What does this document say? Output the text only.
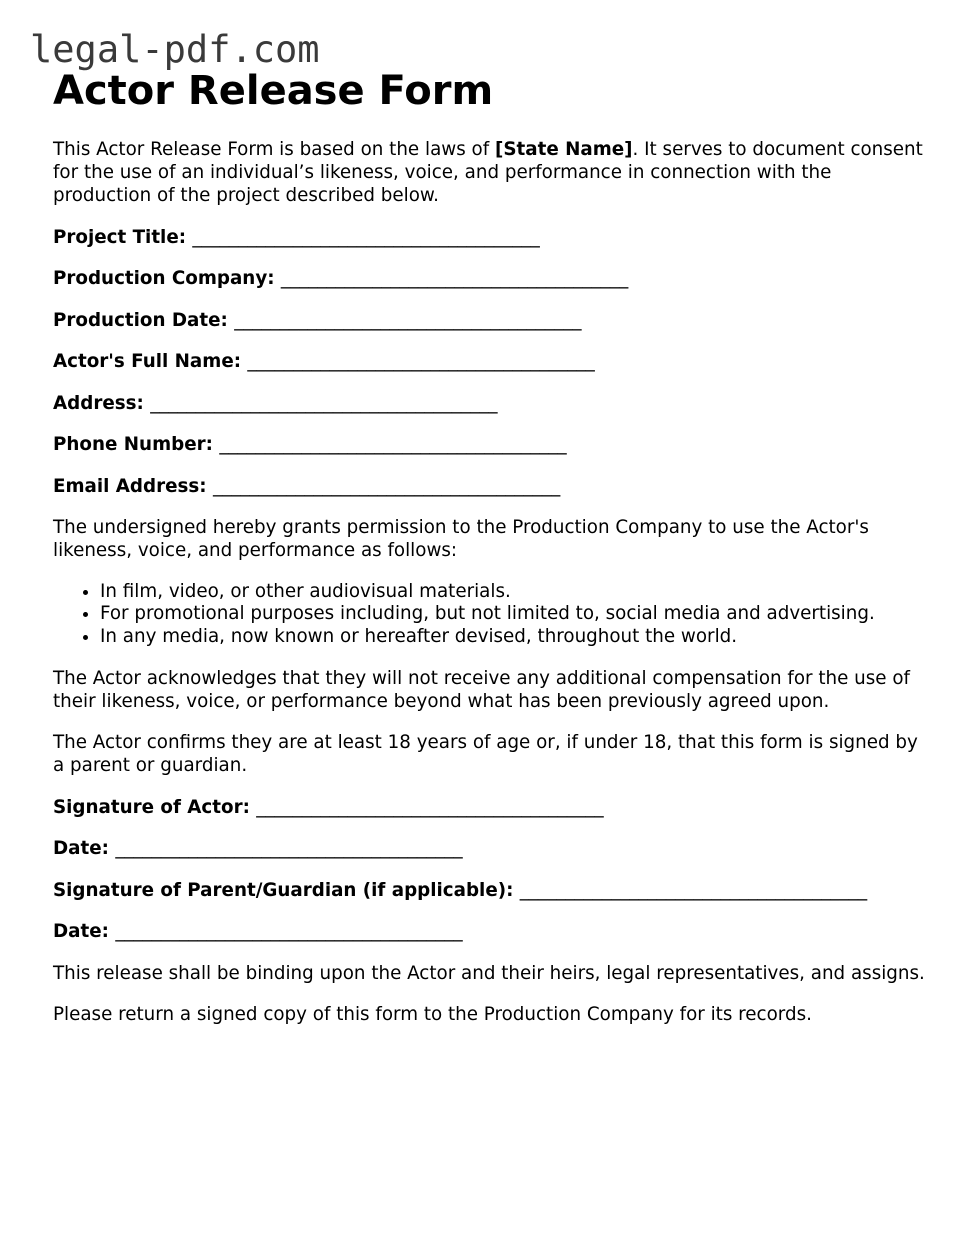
legal-pdf.com
Actor Release Form

This Actor Release Form is based on the laws of [State Name]. It serves to document consent for the use of an individual’s likeness, voice, and performance in connection with the production of the project described below.

Project Title: ______________________________________
Production Company: ______________________________________
Production Date: ______________________________________
Actor's Full Name: ______________________________________
Address: ______________________________________
Phone Number: ______________________________________
Email Address: ______________________________________

The undersigned hereby grants permission to the Production Company to use the Actor's likeness, voice, and performance as follows:

• In film, video, or other audiovisual materials.
• For promotional purposes including, but not limited to, social media and advertising.
• In any media, now known or hereafter devised, throughout the world.

The Actor acknowledges that they will not receive any additional compensation for the use of their likeness, voice, or performance beyond what has been previously agreed upon.

The Actor confirms they are at least 18 years of age or, if under 18, that this form is signed by a parent or guardian.

Signature of Actor: ______________________________________
Date: ______________________________________
Signature of Parent/Guardian (if applicable): ______________________________________
Date: ______________________________________

This release shall be binding upon the Actor and their heirs, legal representatives, and assigns.

Please return a signed copy of this form to the Production Company for its records.
